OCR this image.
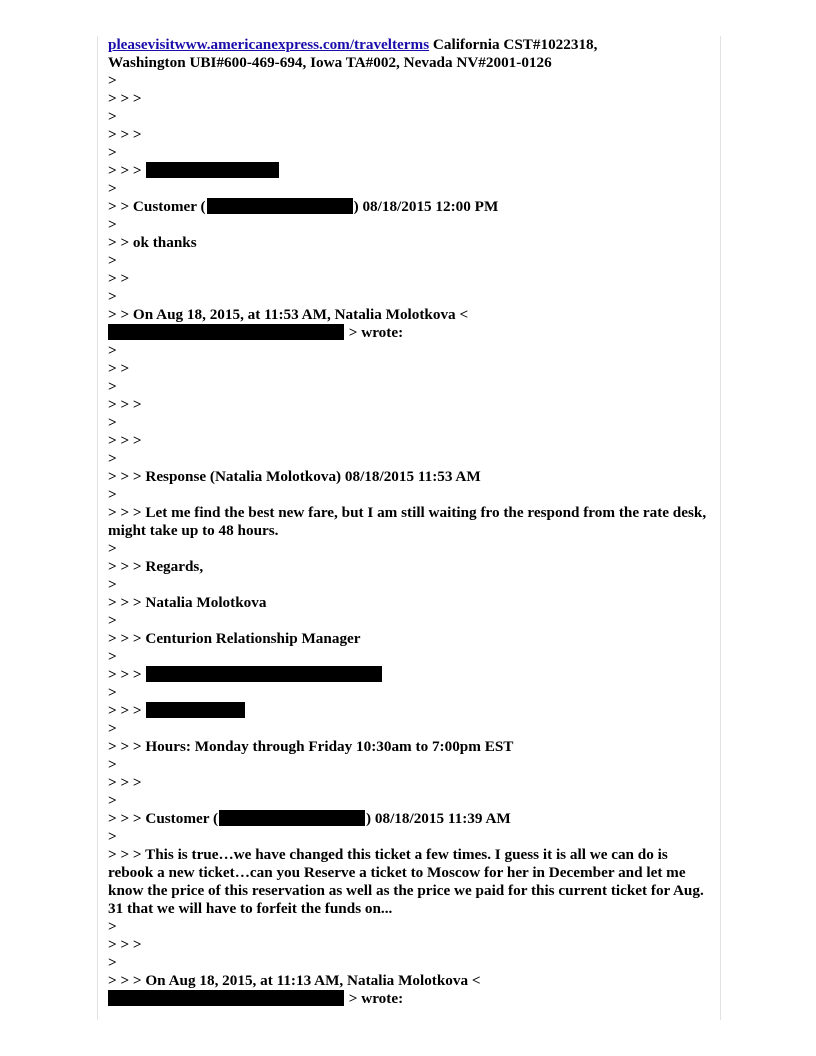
pleasevisitwww.americanexpress.com/travelterms California CST#1022318,
Washington UBI#600-469-694, Iowa TA#002, Nevada NV#2001-0126
>
> > >
>
> > >
>
> > >
>
> > Customer (	) 08/18/2015 12:00 PM
>
> > ok thanks
>
> >
>
> > On Aug 18, 2015, at 11:53 AM, Natalia Molotkova <
> wrote:
>
> >
>
> > >
>
> > >
>
> > > Response (Natalia Molotkova) 08/18/2015 11:53 AM
>
> > > Let me find the best new fare, but I am still waiting fro the respond from the rate desk, might take up to 48 hours.
>
> > > Regards,
>
> > > Natalia Molotkova
>
> > > Centurion Relationship Manager
>
> > >
>
> > >
>
> > > Hours: Monday through Friday 10:30am to 7:00pm EST
>
> > >
>
> > > Customer (	) 08/18/2015 11:39 AM
>
> > > This is true…we have changed this ticket a few times. I guess it is all we can do is rebook a new ticket…can you Reserve a ticket to Moscow for her in December and let me know the price of this reservation as well as the price we paid for this current ticket for Aug. 31 that we will have to forfeit the funds on...
>
> > >
>
> > > On Aug 18, 2015, at 11:13 AM, Natalia Molotkova <
> wrote:
